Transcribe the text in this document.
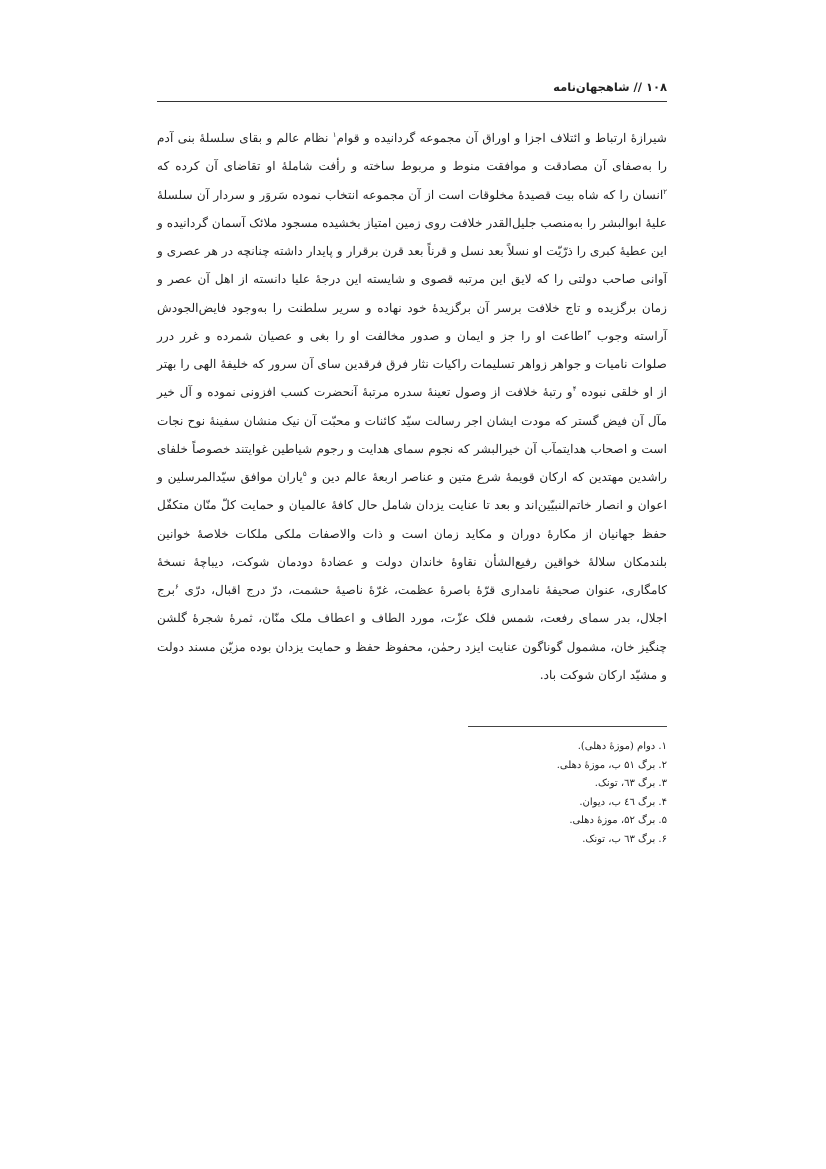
۱۰۸ // شاهجهان‌نامه
شیرازهٔ ارتباط و ائتلاف اجزا و اوراق آن مجموعه گردانیده و قوام$^۱$ نظام عالم و بقای سلسلهٔ بنی آدم را به‌صفای آن مصادقت و موافقت منوط و مربوط ساخته و رأفت شاملهٔ او تقاضای آن کرده که $^۲$انسان را که شاه بیت قصیدهٔ مخلوقات است از آن مجموعه انتخاب نموده سَروَر و سردار آن سلسلهٔ علیهٔ ابوالبشر را به‌منصب جلیل‌القدر خلافت روی زمین امتیاز بخشیده مسجود ملائک آسمان گردانیده و این عطیهٔ کبری را ذرّیّت او نسلاً بعد نسل و قرناً بعد قرن برقرار و پایدار داشته چنانچه در هر عصری و آوانی صاحب دولتی را که لایق این مرتبه قصوی و شایسته این درجهٔ علیا دانسته از اهل آن عصر و زمان برگزیده و تاج خلافت برسر آن برگزیدهٔ خود نهاده و سریر سلطنت را به‌وجود فایض‌الجودش آراسته وجوب $^۳$اطاعت او را جز و ایمان و صدور مخالفت او را بغی و عصیان شمرده و غرر درر صلوات نامیات و جواهر زواهر تسلیمات راکیات نثار فرق فرقدین سای آن سرور که خلیفهٔ الهی را بهتر از او خلقی نبوده $^۴$و رتبهٔ خلافت از وصول تعینهٔ سدره مرتبهٔ آنحضرت کسب افزونی نموده و آل خیر مآل آن فیض گستر که مودت ایشان اجر رسالت سیّد کائنات و محبّت آن نیک منشان سفینهٔ نوح نجات است و اصحاب هدایتمآب آن خیرالبشر که نجوم سمای هدایت و رجوم شیاطین غوایتند خصوصاً خلفای راشدین مهتدین که ارکان قویمهٔ شرع متین و عناصر اربعهٔ عالم دین و $^۵$یاران موافق سیّدالمرسلین و اعوان و انصار خاتم‌النبیّین‌اند و بعد تا عنایت یزدان شامل حال کافهٔ عالمیان و حمایت کلّ منّان متکفّل حفظ جهانیان از مکارهٔ دوران و مکاید زمان است و ذات والاصفات ملکی ملکات خلاصهٔ خوانین بلندمکان سلالهٔ خواقین رفیع‌الشأن نقاوهٔ خاندان دولت و عضادهٔ دودمان شوکت، دیباچهٔ نسخهٔ کامگاری، عنوان صحیفهٔ نامداری قرّهٔ باصرهٔ عظمت، غرّهٔ ناصیهٔ حشمت، درّ درج اقبال، درّی $^۶$برج اجلال، بدر سمای رفعت، شمس فلک عزّت، مورد الطاف و اعطاف ملک منّان، ثمرهٔ شجرهٔ گلشن چنگیز خان، مشمول گوناگون عنایت ایزد رحمٰن، محفوظ حفظ و حمایت یزدان بوده مزیّن مسند دولت و مشیّد ارکان شوکت باد.
۱. دوام (موزهٔ دهلی).
۲. برگ ۵۱ ب، موزهٔ دهلی.
۳. برگ ٦٣، تونک.
۴. برگ ٤٦ ب، دیوان.
۵. برگ ۵۲، موزهٔ دهلی.
۶. برگ ٦٣ ب، تونک.
